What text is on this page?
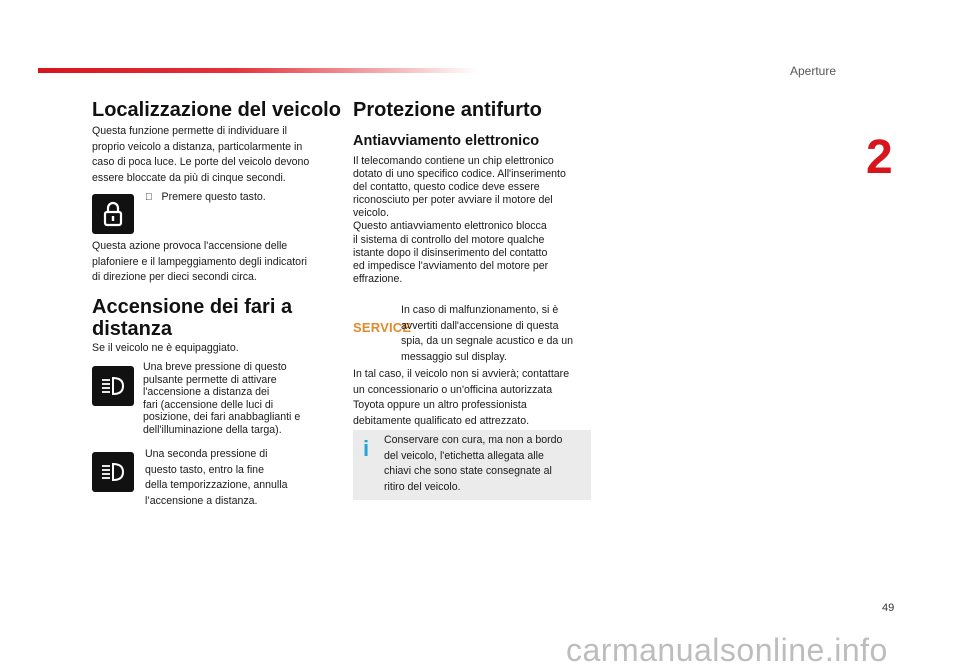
Aperture
2
Localizzazione del veicolo
Questa funzione permette di individuare il
proprio veicolo a distanza, particolarmente in
caso di poca luce. Le porte del veicolo devono
essere bloccate da più di cinque secondi.
Premere questo tasto.
Questa azione provoca l'accensione delle
plafoniere e il lampeggiamento degli indicatori
di direzione per dieci secondi circa.
Accensione dei fari a
distanza
Se il veicolo ne è equipaggiato.
Una breve pressione di questo
pulsante permette di attivare
l'accensione a distanza dei
fari (accensione delle luci di
posizione, dei fari anabbaglianti e
dell'illuminazione della targa).
Una seconda pressione di
questo tasto, entro la fine
della temporizzazione, annulla
l’accensione a distanza.
Protezione antifurto
Antiavviamento elettronico
Il telecomando contiene un chip elettronico
dotato di uno specifico codice. All'inserimento
del contatto, questo codice deve essere
riconosciuto per poter avviare il motore del
veicolo.
Questo antiavviamento elettronico blocca
il sistema di controllo del motore qualche
istante dopo il disinserimento del contatto
ed impedisce l'avviamento del motore per
effrazione.
SERVICE
In caso di malfunzionamento, si è
avvertiti dall'accensione di questa
spia, da un segnale acustico e da un
messaggio sul display.
In tal caso, il veicolo non si avvierà; contattare
un concessionario o un'officina autorizzata
Toyota oppure un altro professionista
debitamente qualificato ed attrezzato.
i Conservare con cura, ma non a bordo
del veicolo, l'etichetta allegata alle
chiavi che sono state consegnate al
ritiro del veicolo.
49
carmanualsonline.info
